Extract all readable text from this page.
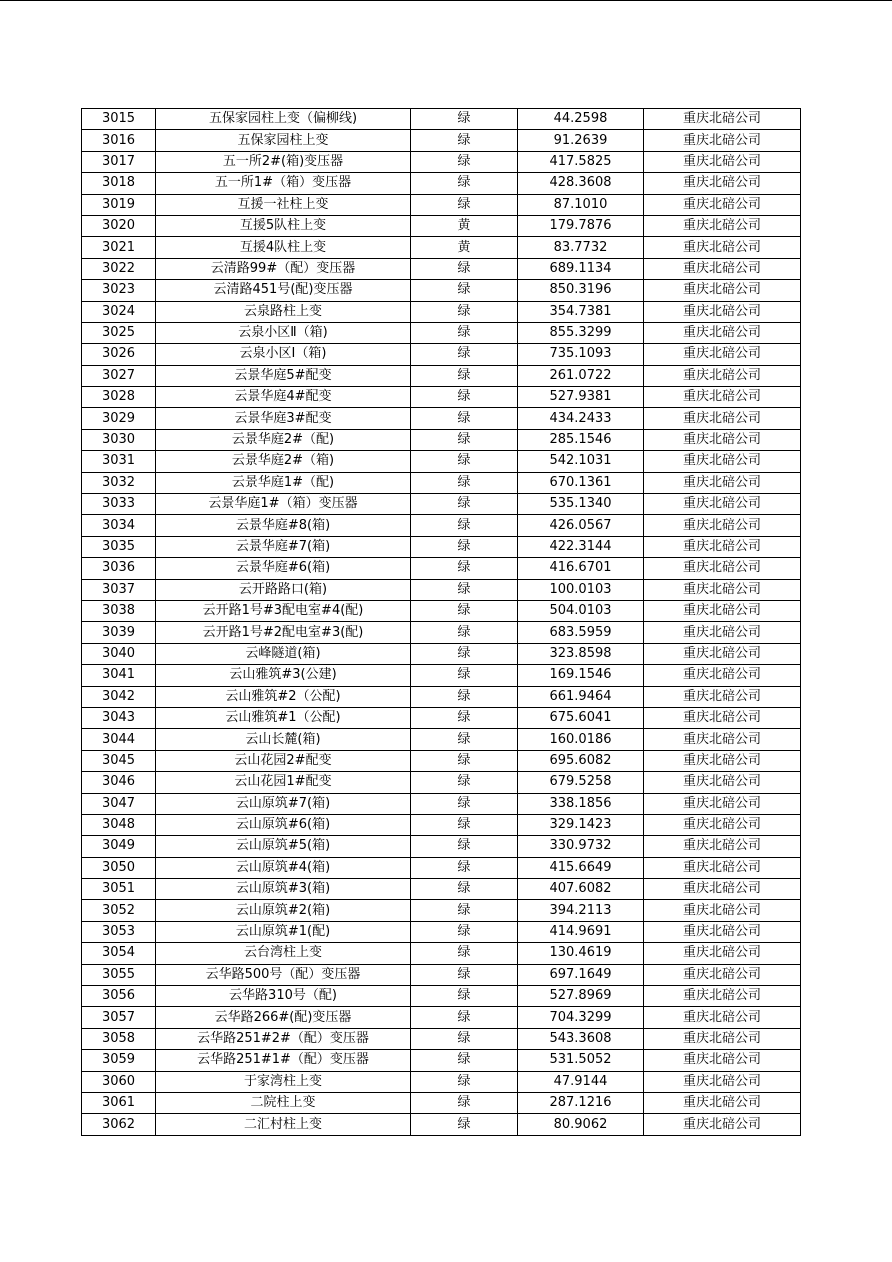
3015	五保家园柱上变（偏柳线)	绿	44.2598	重庆北碚公司
3016	五保家园柱上变	绿	91.2639	重庆北碚公司
3017	五一所2#(箱)变压器	绿	417.5825	重庆北碚公司
3018	五一所1#（箱）变压器	绿	428.3608	重庆北碚公司
3019	互援一社柱上变	绿	87.1010	重庆北碚公司
3020	互援5队柱上变	黄	179.7876	重庆北碚公司
3021	互援4队柱上变	黄	83.7732	重庆北碚公司
3022	云清路99#（配）变压器	绿	689.1134	重庆北碚公司
3023	云清路451号(配)变压器	绿	850.3196	重庆北碚公司
3024	云泉路柱上变	绿	354.7381	重庆北碚公司
3025	云泉小区Ⅱ（箱)	绿	855.3299	重庆北碚公司
3026	云泉小区Ⅰ（箱)	绿	735.1093	重庆北碚公司
3027	云景华庭5#配变	绿	261.0722	重庆北碚公司
3028	云景华庭4#配变	绿	527.9381	重庆北碚公司
3029	云景华庭3#配变	绿	434.2433	重庆北碚公司
3030	云景华庭2#（配)	绿	285.1546	重庆北碚公司
3031	云景华庭2#（箱)	绿	542.1031	重庆北碚公司
3032	云景华庭1#（配)	绿	670.1361	重庆北碚公司
3033	云景华庭1#（箱）变压器	绿	535.1340	重庆北碚公司
3034	云景华庭#8(箱)	绿	426.0567	重庆北碚公司
3035	云景华庭#7(箱)	绿	422.3144	重庆北碚公司
3036	云景华庭#6(箱)	绿	416.6701	重庆北碚公司
3037	云开路路口(箱)	绿	100.0103	重庆北碚公司
3038	云开路1号#3配电室#4(配)	绿	504.0103	重庆北碚公司
3039	云开路1号#2配电室#3(配)	绿	683.5959	重庆北碚公司
3040	云峰隧道(箱)	绿	323.8598	重庆北碚公司
3041	云山雅筑#3(公建)	绿	169.1546	重庆北碚公司
3042	云山雅筑#2（公配)	绿	661.9464	重庆北碚公司
3043	云山雅筑#1（公配)	绿	675.6041	重庆北碚公司
3044	云山长麓(箱)	绿	160.0186	重庆北碚公司
3045	云山花园2#配变	绿	695.6082	重庆北碚公司
3046	云山花园1#配变	绿	679.5258	重庆北碚公司
3047	云山原筑#7(箱)	绿	338.1856	重庆北碚公司
3048	云山原筑#6(箱)	绿	329.1423	重庆北碚公司
3049	云山原筑#5(箱)	绿	330.9732	重庆北碚公司
3050	云山原筑#4(箱)	绿	415.6649	重庆北碚公司
3051	云山原筑#3(箱)	绿	407.6082	重庆北碚公司
3052	云山原筑#2(箱)	绿	394.2113	重庆北碚公司
3053	云山原筑#1(配)	绿	414.9691	重庆北碚公司
3054	云台湾柱上变	绿	130.4619	重庆北碚公司
3055	云华路500号（配）变压器	绿	697.1649	重庆北碚公司
3056	云华路310号（配)	绿	527.8969	重庆北碚公司
3057	云华路266#(配)变压器	绿	704.3299	重庆北碚公司
3058	云华路251#2#（配）变压器	绿	543.3608	重庆北碚公司
3059	云华路251#1#（配）变压器	绿	531.5052	重庆北碚公司
3060	于家湾柱上变	绿	47.9144	重庆北碚公司
3061	二院柱上变	绿	287.1216	重庆北碚公司
3062	二汇村柱上变	绿	80.9062	重庆北碚公司
